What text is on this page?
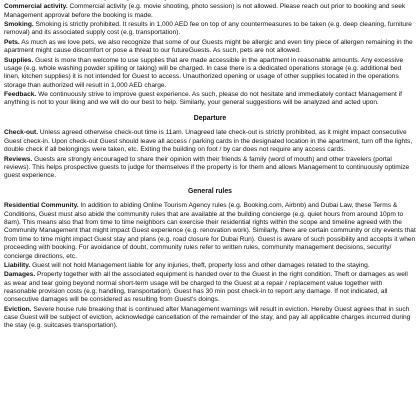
Commercial activity. Commercial activity (e.g. movie shooting, photo session) is not allowed. Please reach out prior to booking and seek Management approval before the booking is made.

Smoking. Smoking is strictly prohibited. It results in 1,000 AED fee on top of any countermeasures to be taken (e.g. deep cleaning, furniture removal) and its associated supply cost (e.g. transportation).

Pets. As much as we love pets, we also recognize that some of our Guests might be allergic and even tiny piece of allergen remaining in the apartment might cause discomfort or pose a threat to our futureGuests. As such, pets are not allowed.

Supplies. Guest is more than welcome to use supplies that are made accessible in the apartment in reasonable amounts. Any excessive usage (e.g. whole washing powder spilling or taking) will be charged. In case there is a dedicated operations storage (e.g. additional bed linen, kitchen supplies) it is not intended for Guest to access. Unauthorized opening or usage of other supplies located in the operations storage than authorized will result in 1,000 AED charge.

Feedback. We continuously strive to improve guest experience. As such, please do not hesitate and immediately contact Management if anything is not to your liking and we will do our best to help. Similarly, your general suggestions will be analyzed and acted upon.

Departure

Check-out. Unless agreed otherwise check-out time is 11am. Unagreed late check-out is strictly prohibited, as it might impact consecutive Guest check-in. Upon check-out Guest should leave all access / parking cards in the designated location in the apartment, turn off the lights, double check if all belongings were taken, etc. Exiting the building on foot / by car does not require any access cards.

Reviews. Guests are strongly encouraged to share their opinion with their friends & family (word of mouth) and other travelers (portal reviews). This helps prospective guests to judge for themselves if the property is for them and allows Management to continuously optimize guest experience.

General rules

Residential Community. In addition to abiding Online Tourism Agency rules (e.g. Booking.com, Airbnb) and Dubai Law, these Terms & Conditions, Guest must also abide the community rules that are available at the building concierge (e.g. quiet hours from around 10pm to 8am). This means also that from time to time neighbors can exercise their residential rights within the scope and timeline agreed with the Community Management that might impact Guest experience (e.g. renovation work). Similarly, there are certain community or city events that from time to time might impact Guest stay and plans (e.g. road closure for Dubai Run). Guest is aware of such possibility and accepts it when proceeding with booking. For avoidance of doubt, community rules refer to written rules, community management decisions, security/ concierge directions, etc.

Liability. Guest will not hold Management liable for any injuries, theft, property loss and other damages related to the staying.

Damages. Property together with all the associated equipment is handed over to the Guest in the right condition. Theft or damages as well as wear and tear going beyond normal short-term usage will be charged to the Guest at a repair / replacement value together with reasonable provision costs (e.g. handling, transportation). Guest has 30 min post check-in to report any damage. If not indicated, all consecutive damages will be considered as resulting from Guest's doings.

Eviction. Severe house rule breaking that is continued after Management warnings will result in eviction. Hereby Guest agrees that in such case Guest will be subject of eviction, acknowledge cancellation of the remainder of the stay, and pay all applicable charges incurred during the stay (e.g. suitcases transportation).
